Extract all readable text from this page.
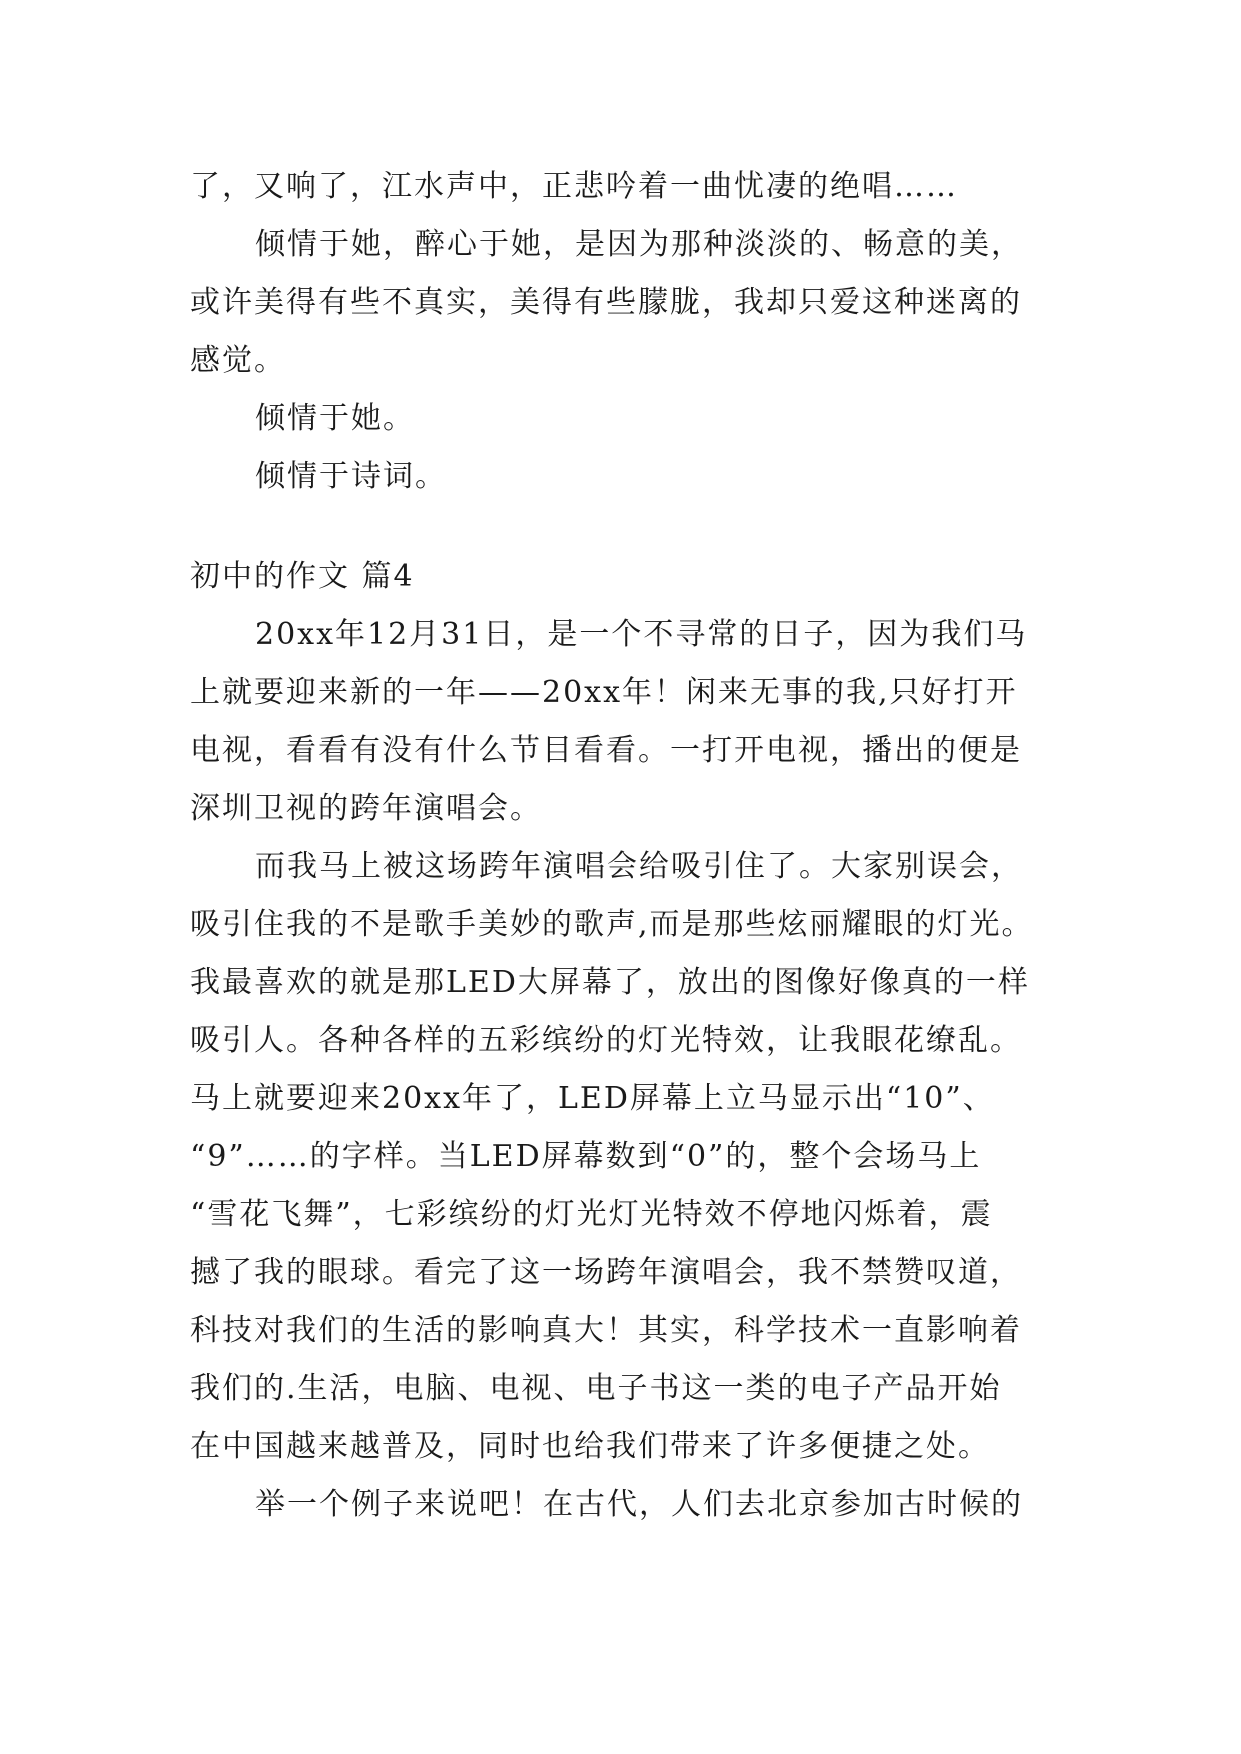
了，又响了，江水声中，正悲吟着一曲忧凄的绝唱……
倾情于她，醉心于她，是因为那种淡淡的、畅意的美，
或许美得有些不真实，美得有些朦胧，我却只爱这种迷离的
感觉。
倾情于她。
倾情于诗词。
初中的作文 篇4
20xx年12月31日，是一个不寻常的日子，因为我们马
上就要迎来新的一年——20xx年！闲来无事的我,只好打开
电视，看看有没有什么节目看看。一打开电视，播出的便是
深圳卫视的跨年演唱会。
而我马上被这场跨年演唱会给吸引住了。大家别误会，
吸引住我的不是歌手美妙的歌声,而是那些炫丽耀眼的灯光。
我最喜欢的就是那LED大屏幕了，放出的图像好像真的一样
吸引人。各种各样的五彩缤纷的灯光特效，让我眼花缭乱。
马上就要迎来20xx年了，LED屏幕上立马显示出“10”、
“9”……的字样。当LED屏幕数到“0”的，整个会场马上
“雪花飞舞”，七彩缤纷的灯光灯光特效不停地闪烁着，震
撼了我的眼球。看完了这一场跨年演唱会，我不禁赞叹道，
科技对我们的生活的影响真大！其实，科学技术一直影响着
我们的.生活，电脑、电视、电子书这一类的电子产品开始
在中国越来越普及，同时也给我们带来了许多便捷之处。
举一个例子来说吧！在古代，人们去北京参加古时候的
